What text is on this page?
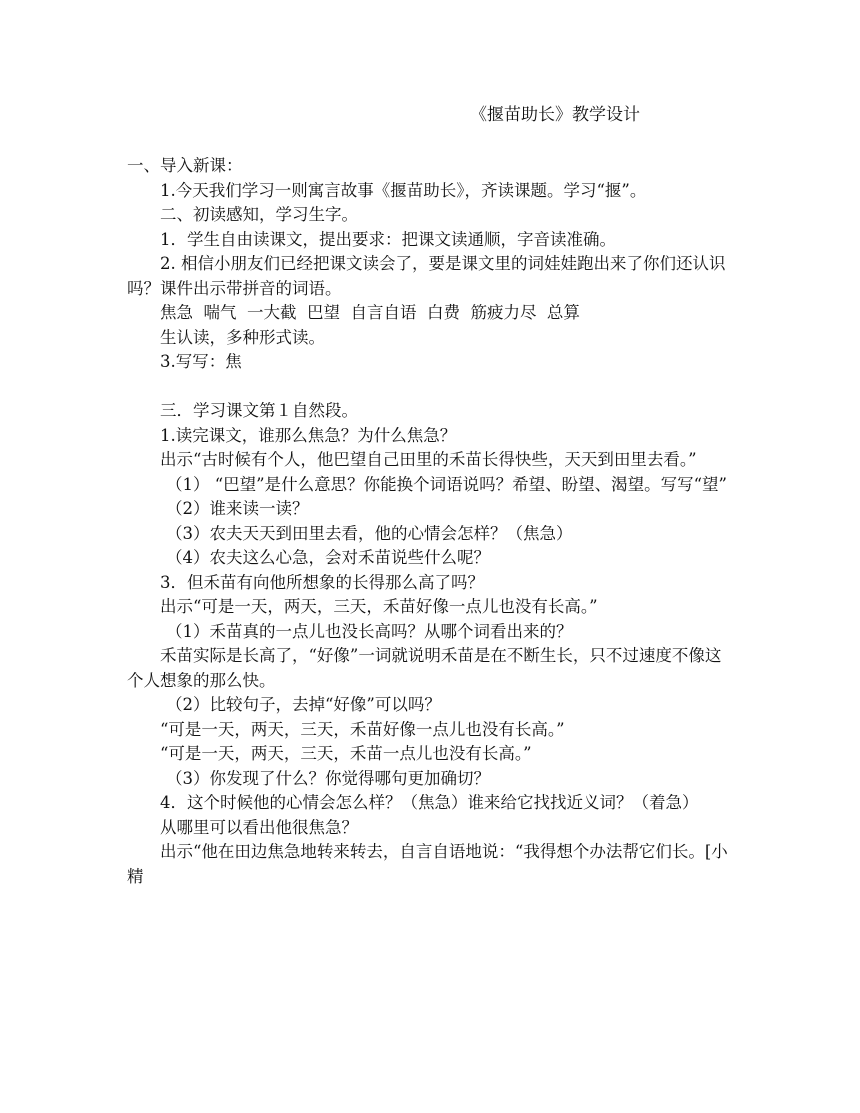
《揠苗助长》教学设计

一、导入新课：

1.今天我们学习一则寓言故事《揠苗助长》，齐读课题。学习“揠”。

二、初读感知，学习生字。

1．学生自由读课文，提出要求：把课文读通顺，字音读准确。

2. 相信小朋友们已经把课文读会了，要是课文里的词娃娃跑出来了你们还认识吗？课件出示带拼音的词语。

焦急  喘气  一大截  巴望  自言自语  白费  筋疲力尽  总算

生认读，多种形式读。

3.写写：焦

三．学习课文第１自然段。

1.读完课文，谁那么焦急？为什么焦急？

出示“古时候有个人，他巴望自己田里的禾苗长得快些，天天到田里去看。”

（1） “巴望”是什么意思？你能换个词语说吗？希望、盼望、渴望。写写“望”

（2）谁来读一读？

（3）农夫天天到田里去看，他的心情会怎样？（焦急）

（4）农夫这么心急，会对禾苗说些什么呢？

3．但禾苗有向他所想象的长得那么高了吗？

出示“可是一天，两天，三天，禾苗好像一点儿也没有长高。”

（1）禾苗真的一点儿也没长高吗？从哪个词看出来的？

禾苗实际是长高了，“好像”一词就说明禾苗是在不断生长，只不过速度不像这个人想象的那么快。

（2）比较句子，去掉“好像”可以吗？

“可是一天，两天，三天，禾苗好像一点儿也没有长高。”

“可是一天，两天，三天，禾苗一点儿也没有长高。”

（3）你发现了什么？你觉得哪句更加确切？

4．这个时候他的心情会怎么样？（焦急）谁来给它找找近义词？（着急）

从哪里可以看出他很焦急？

出示“他在田边焦急地转来转去，自言自语地说：“我得想个办法帮它们长。[小精
